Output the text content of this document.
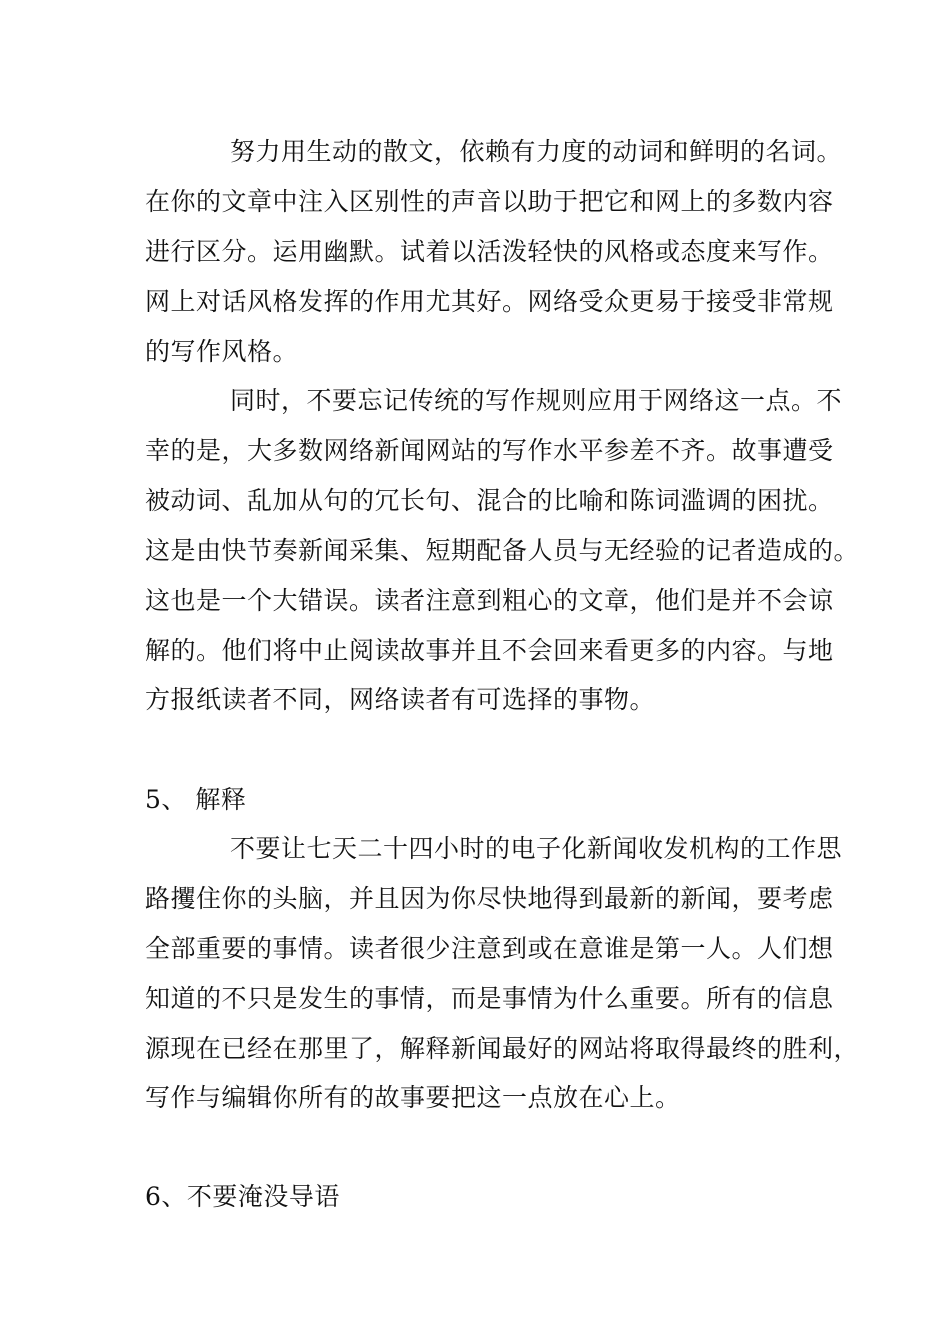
努力用生动的散文，依赖有力度的动词和鲜明的名词。
在你的文章中注入区别性的声音以助于把它和网上的多数内容
进行区分。运用幽默。试着以活泼轻快的风格或态度来写作。
网上对话风格发挥的作用尤其好。网络受众更易于接受非常规
的写作风格。
同时，不要忘记传统的写作规则应用于网络这一点。不
幸的是，大多数网络新闻网站的写作水平参差不齐。故事遭受
被动词、乱加从句的冗长句、混合的比喻和陈词滥调的困扰。
这是由快节奏新闻采集、短期配备人员与无经验的记者造成的。
这也是一个大错误。读者注意到粗心的文章，他们是并不会谅
解的。他们将中止阅读故事并且不会回来看更多的内容。与地
方报纸读者不同，网络读者有可选择的事物。
5、 解释
不要让七天二十四小时的电子化新闻收发机构的工作思
路攫住你的头脑，并且因为你尽快地得到最新的新闻，要考虑
全部重要的事情。读者很少注意到或在意谁是第一人。人们想
知道的不只是发生的事情，而是事情为什么重要。所有的信息
源现在已经在那里了，解释新闻最好的网站将取得最终的胜利，
写作与编辑你所有的故事要把这一点放在心上。
6、不要淹没导语
